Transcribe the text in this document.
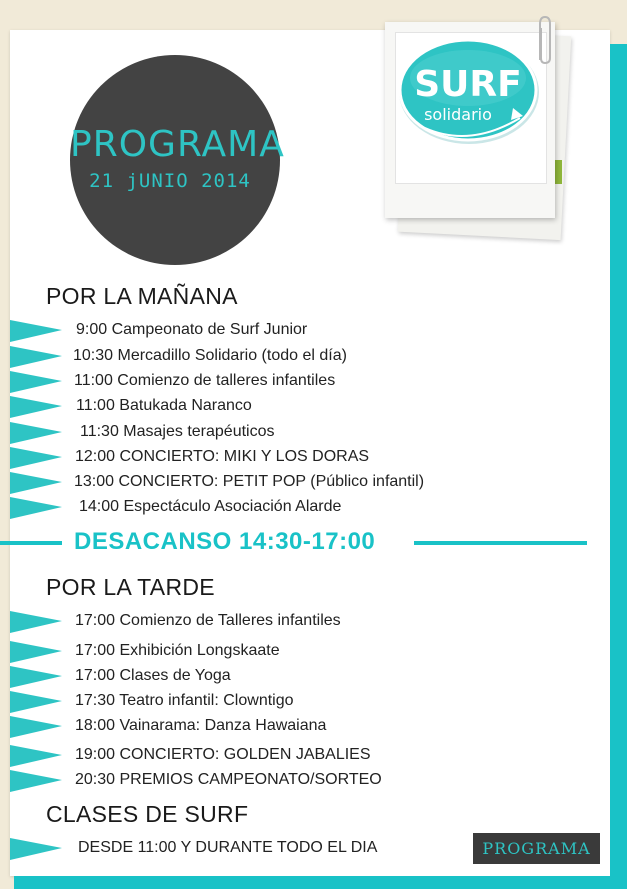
PROGRAMA
21 jUNIO 2014
SURF
solidario
POR LA MAÑANA
9:00 Campeonato de Surf Junior
10:30 Mercadillo Solidario (todo el día)
11:00 Comienzo de talleres infantiles
11:00 Batukada Naranco
11:30 Masajes terapéuticos
12:00 CONCIERTO: MIKI Y LOS DORAS
13:00 CONCIERTO: PETIT POP (Público infantil)
14:00 Espectáculo Asociación Alarde
DESACANSO 14:30-17:00
POR LA TARDE
17:00 Comienzo de Talleres infantiles
17:00 Exhibición Longskaate
17:00 Clases de Yoga
17:30 Teatro infantil: Clowntigo
18:00 Vainarama: Danza Hawaiana
19:00 CONCIERTO: GOLDEN JABALIES
20:30 PREMIOS CAMPEONATO/SORTEO
CLASES DE SURF
DESDE 11:00 Y DURANTE TODO EL DIA	PROGRAMA
